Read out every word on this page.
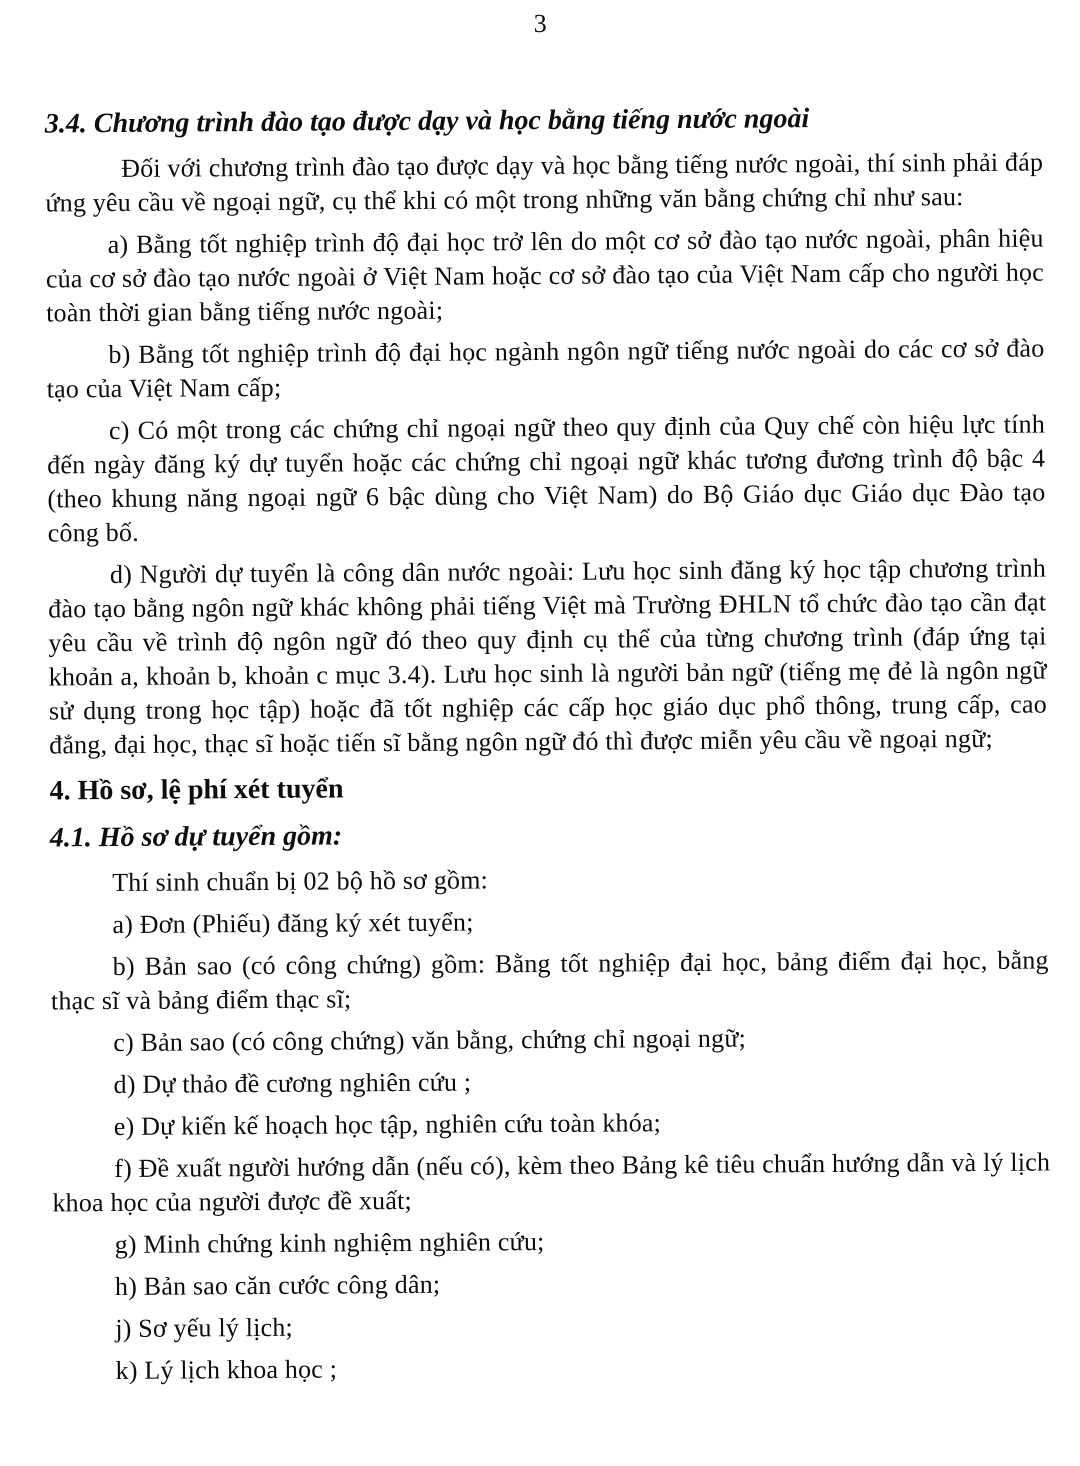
3
3.4. Chương trình đào tạo được dạy và học bằng tiếng nước ngoài

Đối với chương trình đào tạo được dạy và học bằng tiếng nước ngoài, thí sinh phải đáp ứng yêu cầu về ngoại ngữ, cụ thể khi có một trong những văn bằng chứng chỉ như sau:

a) Bằng tốt nghiệp trình độ đại học trở lên do một cơ sở đào tạo nước ngoài, phân hiệu của cơ sở đào tạo nước ngoài ở Việt Nam hoặc cơ sở đào tạo của Việt Nam cấp cho người học toàn thời gian bằng tiếng nước ngoài;

b) Bằng tốt nghiệp trình độ đại học ngành ngôn ngữ tiếng nước ngoài do các cơ sở đào tạo của Việt Nam cấp;

c) Có một trong các chứng chỉ ngoại ngữ theo quy định của Quy chế còn hiệu lực tính đến ngày đăng ký dự tuyển hoặc các chứng chỉ ngoại ngữ khác tương đương trình độ bậc 4 (theo khung năng ngoại ngữ 6 bậc dùng cho Việt Nam) do Bộ Giáo dục Giáo dục Đào tạo công bố.

d) Người dự tuyển là công dân nước ngoài: Lưu học sinh đăng ký học tập chương trình đào tạo bằng ngôn ngữ khác không phải tiếng Việt mà Trường ĐHLN tổ chức đào tạo cần đạt yêu cầu về trình độ ngôn ngữ đó theo quy định cụ thể của từng chương trình (đáp ứng tại khoản a, khoản b, khoản c mục 3.4). Lưu học sinh là người bản ngữ (tiếng mẹ đẻ là ngôn ngữ sử dụng trong học tập) hoặc đã tốt nghiệp các cấp học giáo dục phổ thông, trung cấp, cao đẳng, đại học, thạc sĩ hoặc tiến sĩ bằng ngôn ngữ đó thì được miễn yêu cầu về ngoại ngữ;

4. Hồ sơ, lệ phí xét tuyển
4.1. Hồ sơ dự tuyển gồm:

Thí sinh chuẩn bị 02 bộ hồ sơ gồm:

a) Đơn (Phiếu) đăng ký xét tuyển;

b) Bản sao (có công chứng) gồm: Bằng tốt nghiệp đại học, bảng điểm đại học, bằng thạc sĩ và bảng điểm thạc sĩ;

c) Bản sao (có công chứng) văn bằng, chứng chỉ ngoại ngữ;

d) Dự thảo đề cương nghiên cứu ;

e) Dự kiến kế hoạch học tập, nghiên cứu toàn khóa;

f) Đề xuất người hướng dẫn (nếu có), kèm theo Bảng kê tiêu chuẩn hướng dẫn và lý lịch khoa học của người được đề xuất;

g) Minh chứng kinh nghiệm nghiên cứu;

h) Bản sao căn cước công dân;

j) Sơ yếu lý lịch;

k) Lý lịch khoa học ;
